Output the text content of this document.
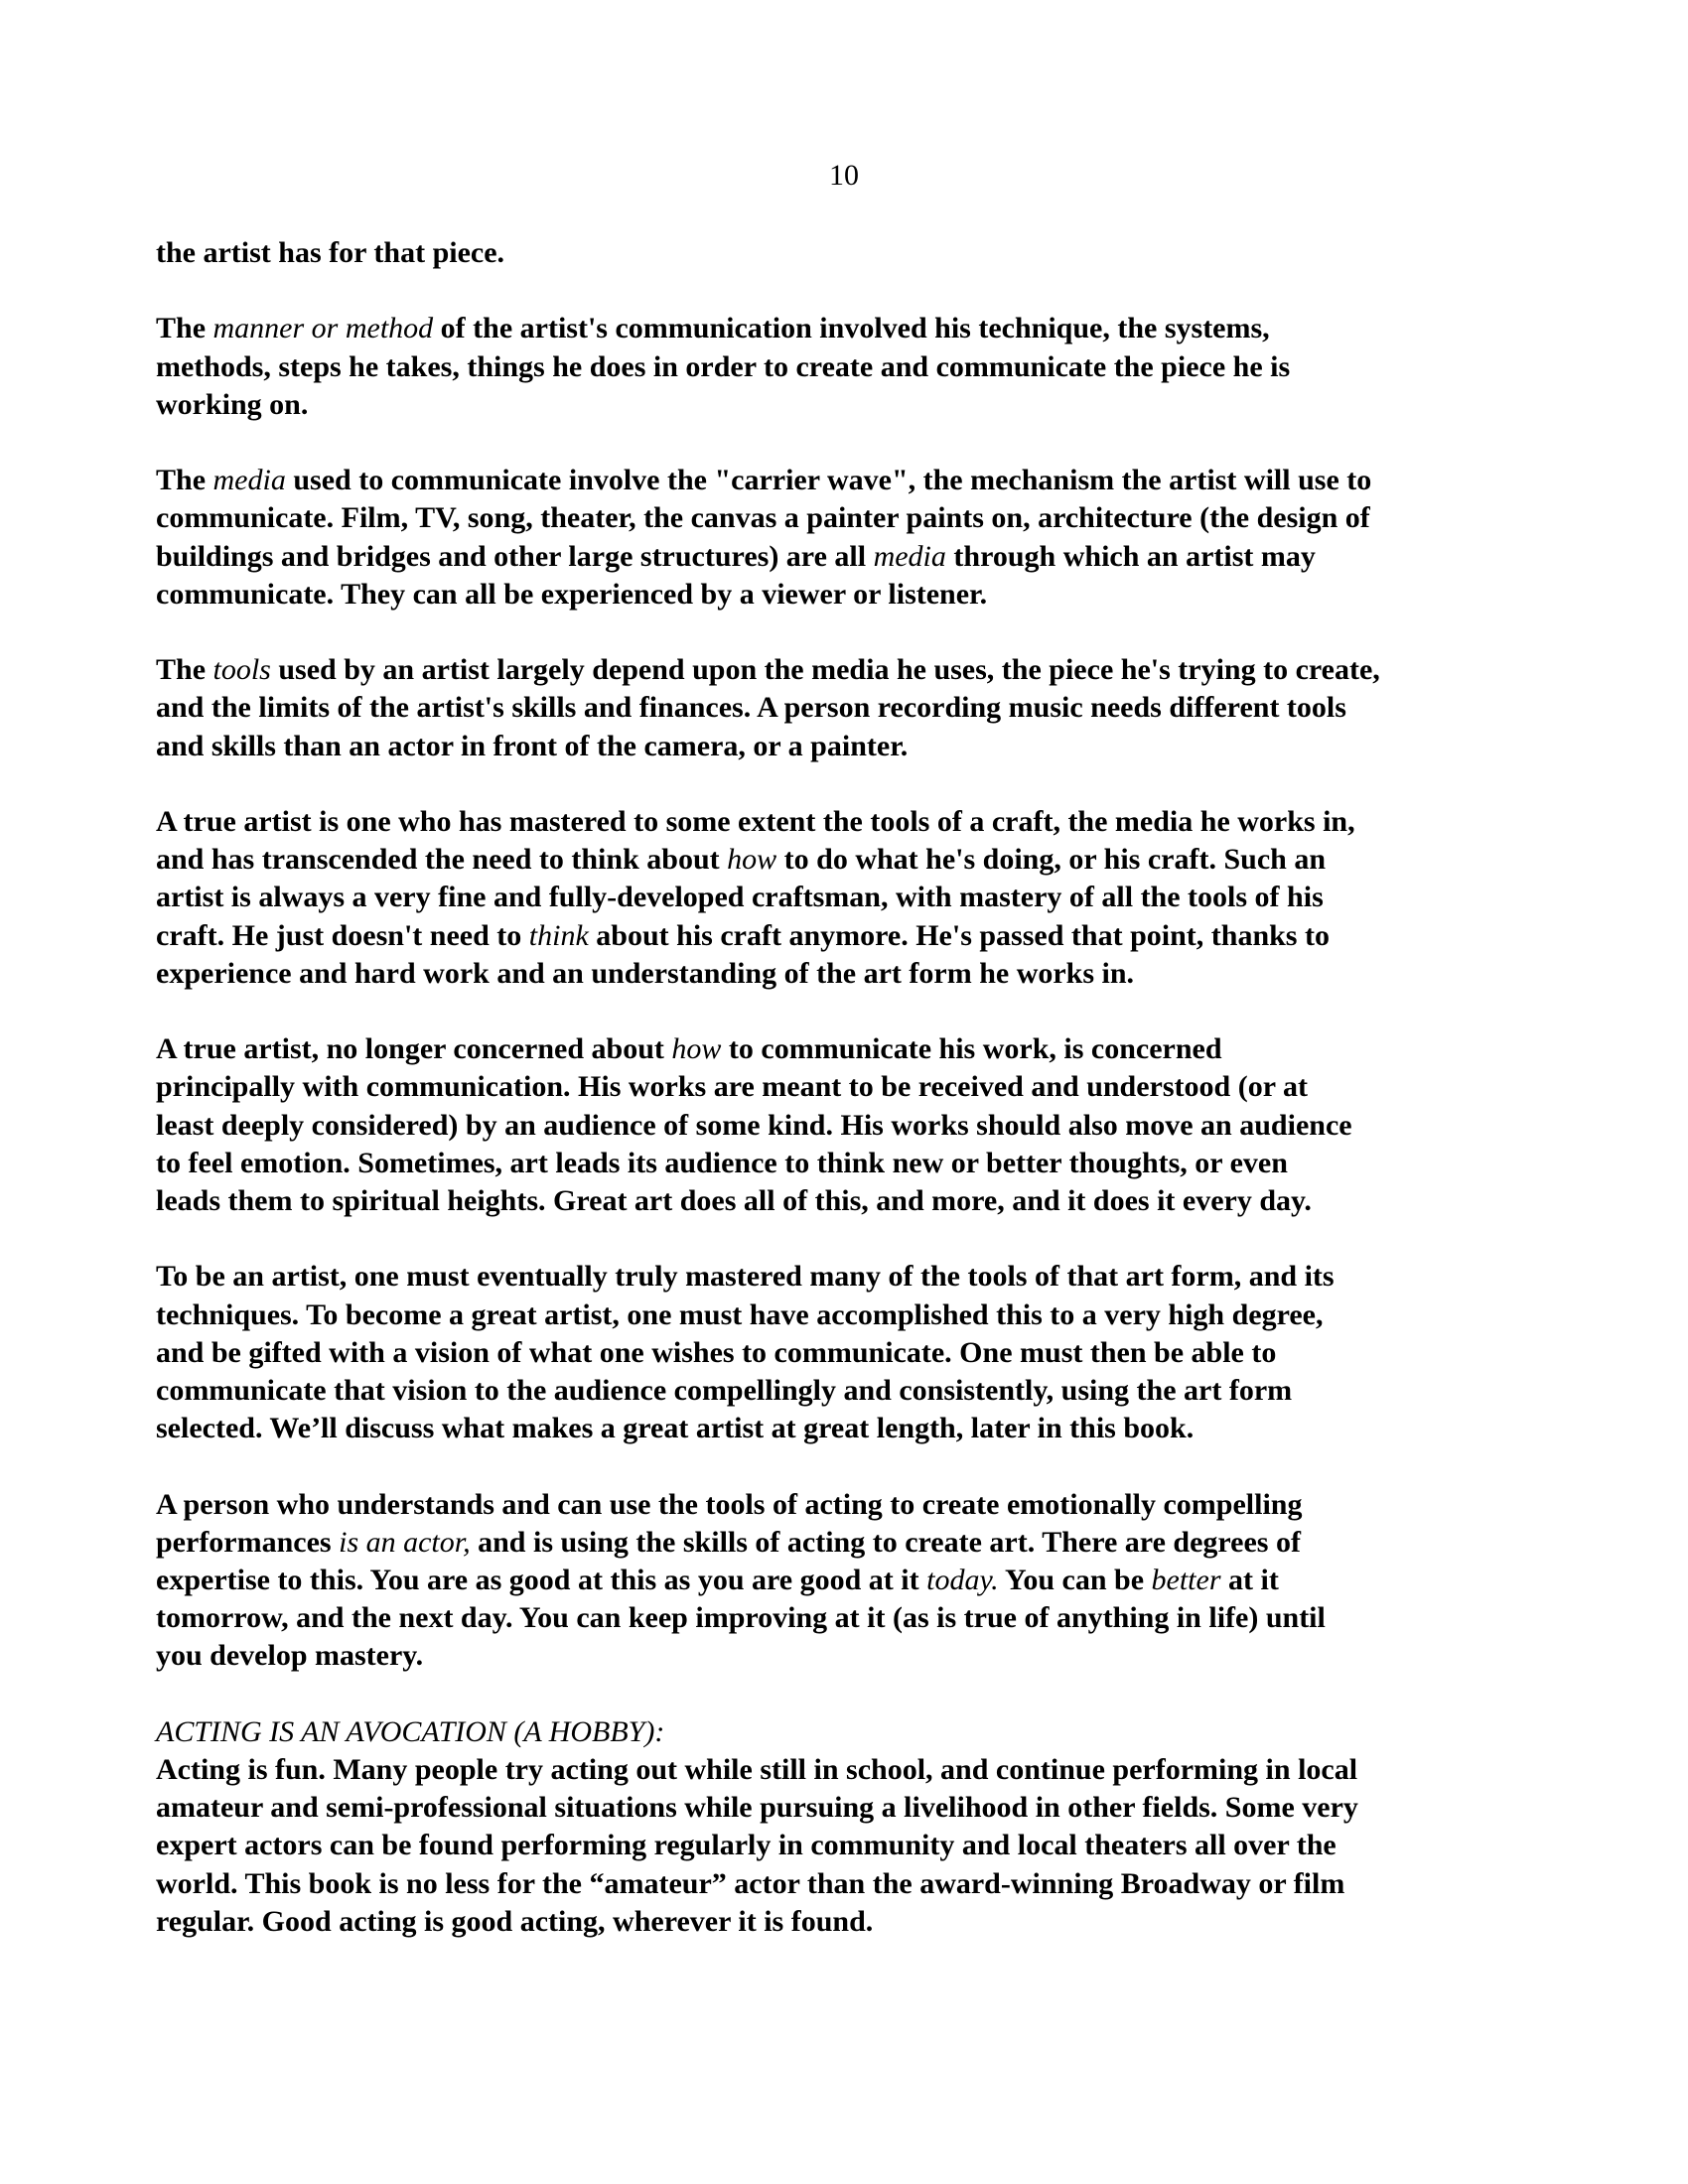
10
the artist has for that piece.
The manner or method of the artist's communication involved his technique, the systems,
methods, steps he takes, things he does in order to create and communicate the piece he is
working on.
The media used to communicate involve the "carrier wave", the mechanism the artist will use to
communicate. Film, TV, song, theater, the canvas a painter paints on, architecture (the design of
buildings and bridges and other large structures) are all media through which an artist may
communicate. They can all be experienced by a viewer or listener.
The tools used by an artist largely depend upon the media he uses, the piece he's trying to create,
and the limits of the artist's skills and finances. A person recording music needs different tools
and skills than an actor in front of the camera, or a painter.
A true artist is one who has mastered to some extent the tools of a craft, the media he works in,
and has transcended the need to think about how to do what he's doing, or his craft. Such an
artist is always a very fine and fully-developed craftsman, with mastery of all the tools of his
craft. He just doesn't need to think about his craft anymore. He's passed that point, thanks to
experience and hard work and an understanding of the art form he works in.
A true artist, no longer concerned about how to communicate his work, is concerned
principally with communication. His works are meant to be received and understood (or at
least deeply considered) by an audience of some kind. His works should also move an audience
to feel emotion. Sometimes, art leads its audience to think new or better thoughts, or even
leads them to spiritual heights. Great art does all of this, and more, and it does it every day.
To be an artist, one must eventually truly mastered many of the tools of that art form, and its
techniques. To become a great artist, one must have accomplished this to a very high degree,
and be gifted with a vision of what one wishes to communicate. One must then be able to
communicate that vision to the audience compellingly and consistently, using the art form
selected. We’ll discuss what makes a great artist at great length, later in this book.
A person who understands and can use the tools of acting to create emotionally compelling
performances is an actor, and is using the skills of acting to create art. There are degrees of
expertise to this. You are as good at this as you are good at it today. You can be better at it
tomorrow, and the next day. You can keep improving at it (as is true of anything in life) until
you develop mastery.
ACTING IS AN AVOCATION (A HOBBY):
Acting is fun. Many people try acting out while still in school, and continue performing in local
amateur and semi-professional situations while pursuing a livelihood in other fields. Some very
expert actors can be found performing regularly in community and local theaters all over the
world. This book is no less for the “amateur” actor than the award-winning Broadway or film
regular. Good acting is good acting, wherever it is found.
